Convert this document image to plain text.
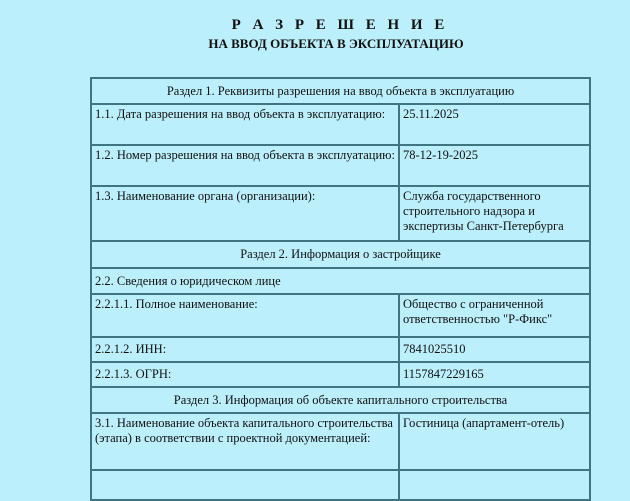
Р А З Р Е Ш Е Н И Е
НА ВВОД ОБЪЕКТА В ЭКСПЛУАТАЦИЮ
Раздел 1. Реквизиты разрешения на ввод объекта в эксплуатацию	
1.1. Дата разрешения на ввод объекта в эксплуатацию:	25.11.2025
1.2. Номер разрешения на ввод объекта в эксплуатацию:	78-12-19-2025
1.3. Наименование органа (организации):	Служба государственного строительного надзора и экспертизы Санкт-Петербурга
Раздел 2. Информация о застройщике	
2.2. Сведения о юридическом лице	
2.2.1.1. Полное наименование:	Общество с ограниченной ответственностью "Р-Фикс"
2.2.1.2. ИНН:	7841025510
2.2.1.3. ОГРН:	1157847229165
Раздел 3. Информация об объекте капитального строительства	
3.1. Наименование объекта капитального строительства (этапа) в соответствии с проектной документацией:	Гостиница (апартамент-отель)
